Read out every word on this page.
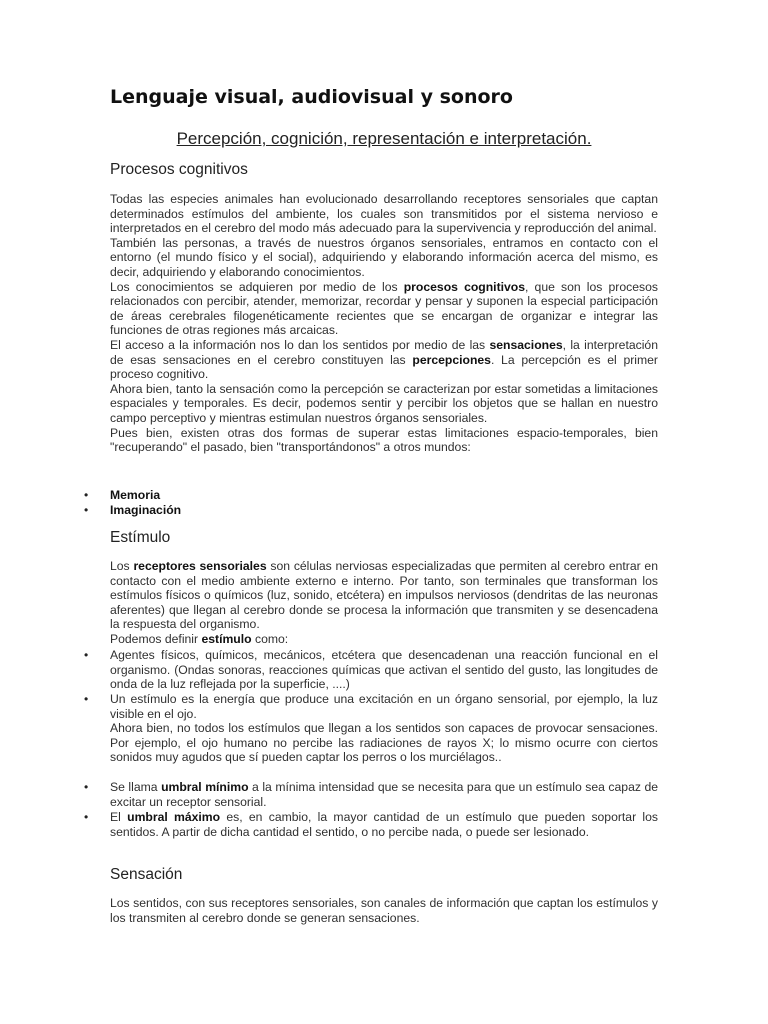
Lenguaje visual, audiovisual y sonoro
Percepción, cognición, representación e interpretación.
Procesos cognitivos

Todas las especies animales han evolucionado desarrollando receptores sensoriales que captan determinados estímulos del ambiente, los cuales son transmitidos por el sistema nervioso e interpretados en el cerebro del modo más adecuado para la supervivencia y reproducción del animal.
También las personas, a través de nuestros órganos sensoriales, entramos en contacto con el entorno (el mundo físico y el social), adquiriendo y elaborando información acerca del mismo, es decir, adquiriendo y elaborando conocimientos.
Los conocimientos se adquieren por medio de los procesos cognitivos, que son los procesos relacionados con percibir, atender, memorizar, recordar y pensar y suponen la especial participación de áreas cerebrales filogenéticamente recientes que se encargan de organizar e integrar las funciones de otras regiones más arcaicas.
El acceso a la información nos lo dan los sentidos por medio de las sensaciones, la interpretación de esas sensaciones en el cerebro constituyen las percepciones. La percepción es el primer proceso cognitivo.
Ahora bien, tanto la sensación como la percepción se caracterizan por estar sometidas a limitaciones espaciales y temporales. Es decir, podemos sentir y percibir los objetos que se hallan en nuestro campo perceptivo y mientras estimulan nuestros órganos sensoriales.
Pues bien, existen otras dos formas de superar estas limitaciones espacio-temporales, bien "recuperando" el pasado, bien "transportándonos" a otros mundos:

• Memoria

• Imaginación

Estímulo

Los receptores sensoriales son células nerviosas especializadas que permiten al cerebro entrar en contacto con el medio ambiente externo e interno. Por tanto, son terminales que transforman los estímulos físicos o químicos (luz, sonido, etcétera) en impulsos nerviosos (dendritas de las neuronas aferentes) que llegan al cerebro donde se procesa la información que transmiten y se desencadena la respuesta del organismo.
Podemos definir estímulo como:

• Agentes físicos, químicos, mecánicos, etcétera que desencadenan una reacción funcional en el organismo. (Ondas sonoras, reacciones químicas que activan el sentido del gusto, las longitudes de onda de la luz reflejada por la superficie, ....)

• Un estímulo es la energía que produce una excitación en un órgano sensorial, por ejemplo, la luz visible en el ojo.
Ahora bien, no todos los estímulos que llegan a los sentidos son capaces de provocar sensaciones. Por ejemplo, el ojo humano no percibe las radiaciones de rayos X; lo mismo ocurre con ciertos sonidos muy agudos que sí pueden captar los perros o los murciélagos..

• Se llama umbral mínimo a la mínima intensidad que se necesita para que un estímulo sea capaz de excitar un receptor sensorial.

• El umbral máximo es, en cambio, la mayor cantidad de un estímulo que pueden soportar los sentidos. A partir de dicha cantidad el sentido, o no percibe nada, o puede ser lesionado.

Sensación

Los sentidos, con sus receptores sensoriales, son canales de información que captan los estímulos y los transmiten al cerebro donde se generan sensaciones.
